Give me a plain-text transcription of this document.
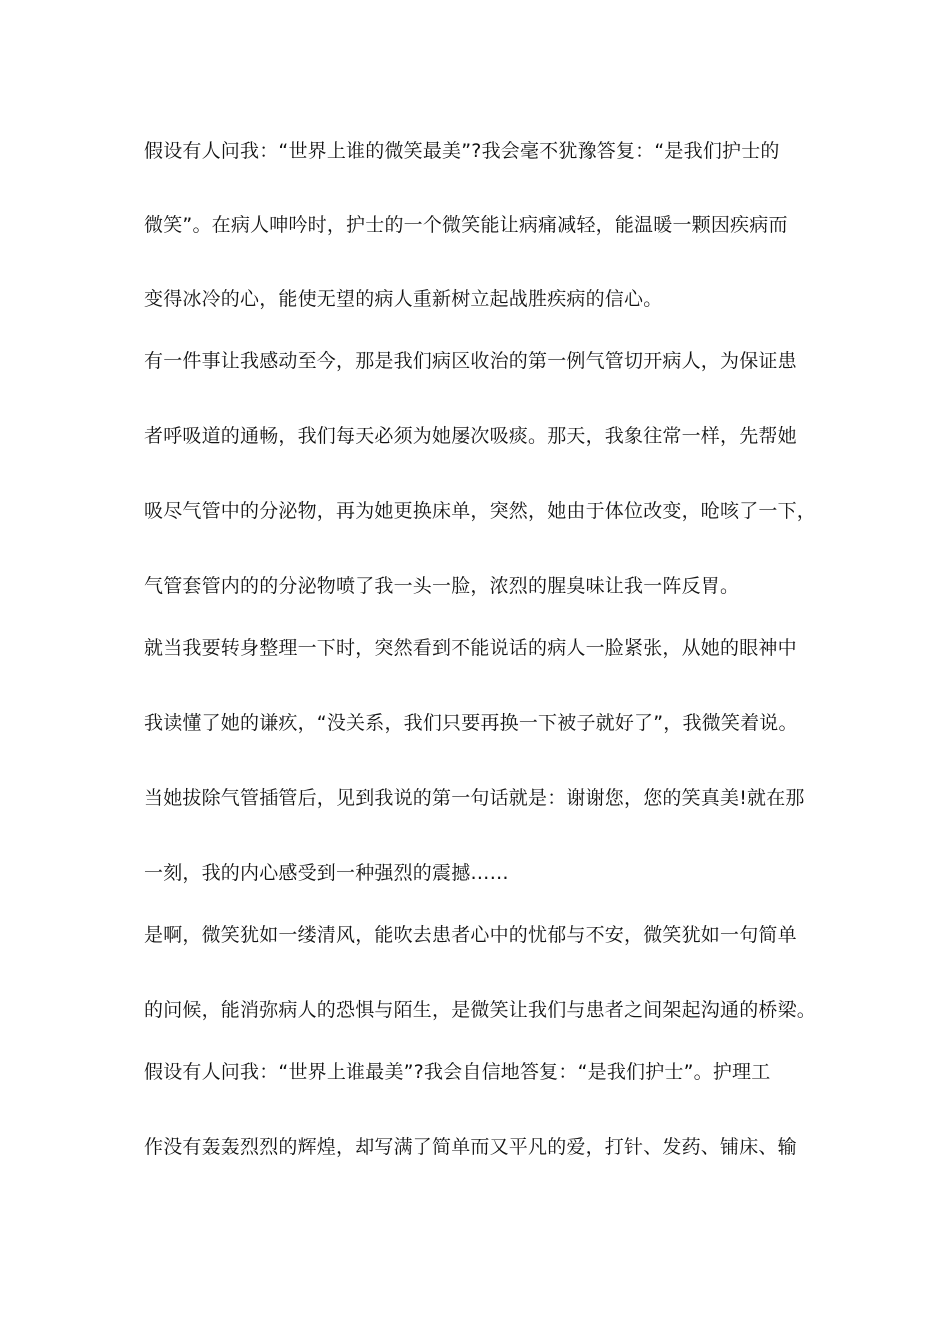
假设有人问我：“世界上谁的微笑最美”?我会毫不犹豫答复：“是我们护士的
微笑”。在病人呻吟时，护士的一个微笑能让病痛减轻，能温暖一颗因疾病而
变得冰冷的心，能使无望的病人重新树立起战胜疾病的信心。
有一件事让我感动至今，那是我们病区收治的第一例气管切开病人，为保证患
者呼吸道的通畅，我们每天必须为她屡次吸痰。那天，我象往常一样，先帮她
吸尽气管中的分泌物，再为她更换床单，突然，她由于体位改变，呛咳了一下，
气管套管内的的分泌物喷了我一头一脸，浓烈的腥臭味让我一阵反胃。
就当我要转身整理一下时，突然看到不能说话的病人一脸紧张，从她的眼神中
我读懂了她的谦疚，“没关系，我们只要再换一下被子就好了”，我微笑着说。
当她拔除气管插管后，见到我说的第一句话就是：谢谢您，您的笑真美!就在那
一刻，我的内心感受到一种强烈的震撼……
是啊，微笑犹如一缕清风，能吹去患者心中的忧郁与不安，微笑犹如一句简单
的问候，能消弥病人的恐惧与陌生，是微笑让我们与患者之间架起沟通的桥梁。
假设有人问我：“世界上谁最美”?我会自信地答复：“是我们护士”。护理工
作没有轰轰烈烈的辉煌，却写满了简单而又平凡的爱，打针、发药、铺床、输
